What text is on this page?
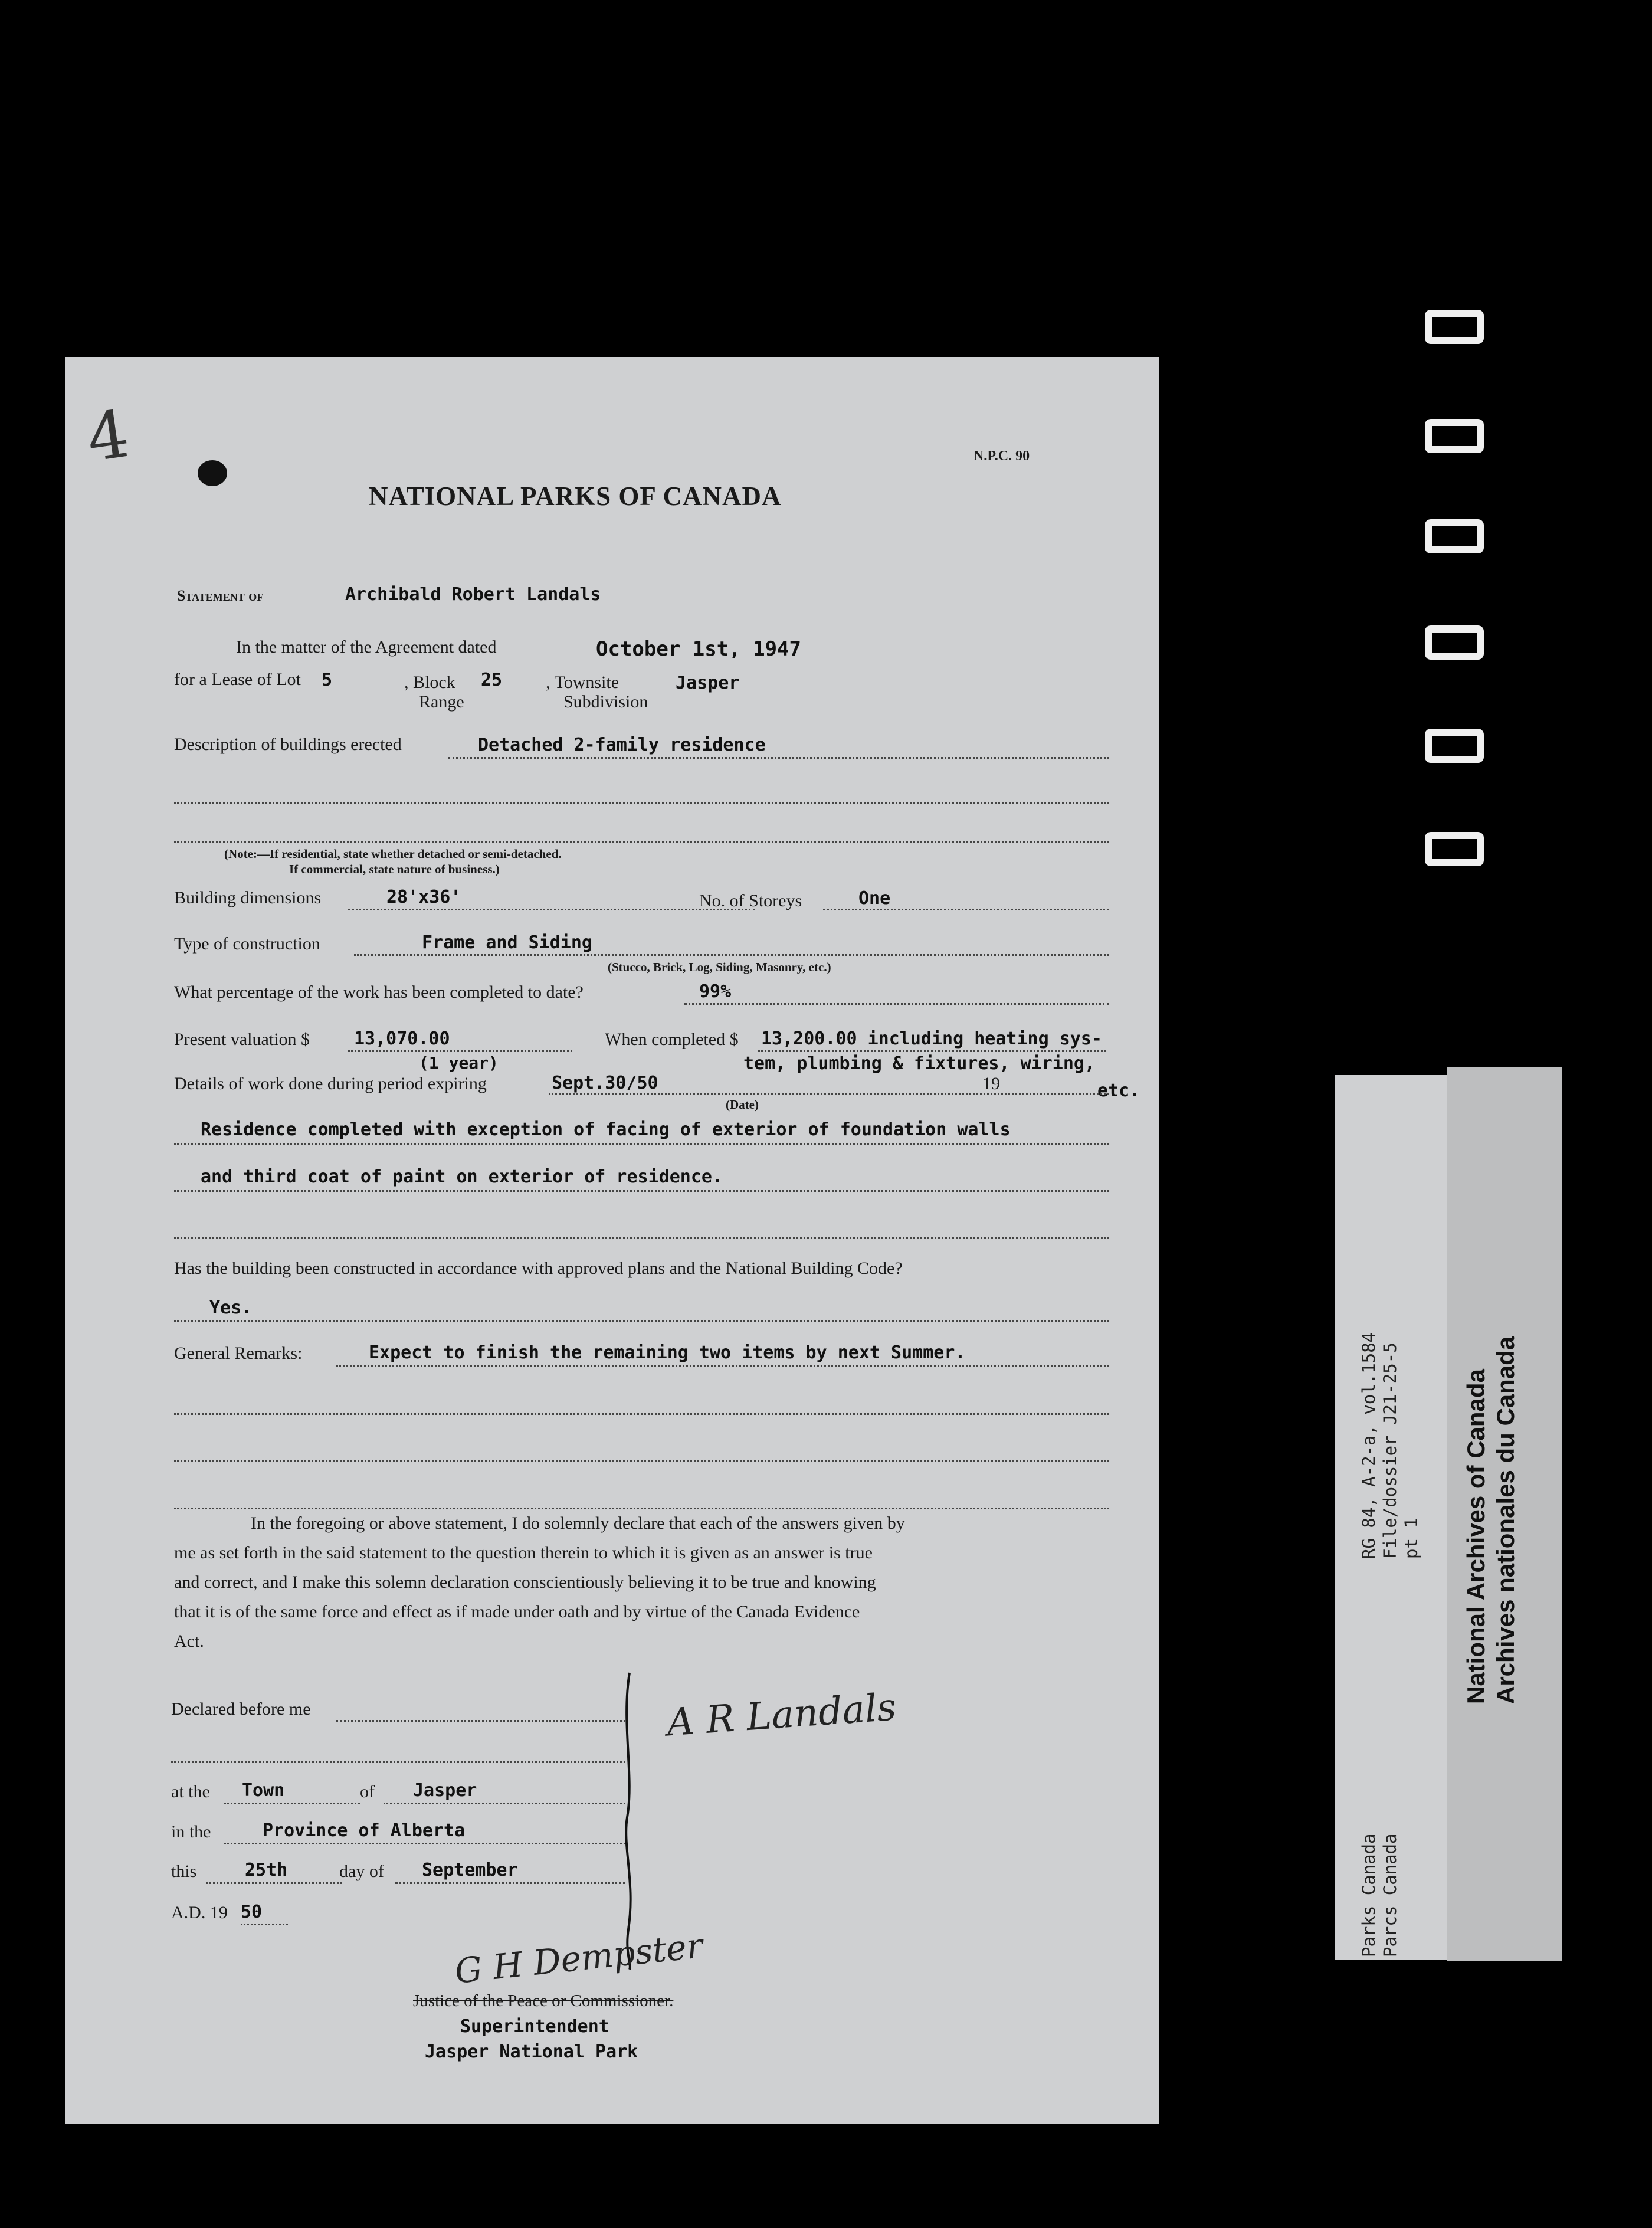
4	N.P.C. 90
NATIONAL PARKS OF CANADA
Statement of	Archibald Robert Landals
In the matter of the Agreement dated	October 1st, 1947
for a Lease of Lot 5	, Block 25
Range
, Townsite	Jasper
Subdivision
Description of buildings erected	Detached 2-family residence
(Note:—If residential, state whether detached or semi-detached.
If commercial, state nature of business.)
Building dimensions	28'x36'	No. of Storeys	One
Type of construction	Frame and Siding
(Stucco, Brick, Log, Siding, Masonry, etc.)
What percentage of the work has been completed to date?	99%
Present valuation $	13,070.00	When completed $ 13,200.00 including heating sys-
tem, plumbing & fixtures, wiring,
etc.
(1 year)
Details of work done during period expiring	Sept.30/50	19
(Date)
Residence completed with exception of facing of exterior of foundation walls
and third coat of paint on exterior of residence.
Has the building been constructed in accordance with approved plans and the National Building Code?
Yes.
General Remarks:	Expect to finish the remaining two items by next Summer.
In the foregoing or above statement, I do solemnly declare that each of the answers given by
me as set forth in the said statement to the question therein to which it is given as an answer is true
and correct, and I make this solemn declaration conscientiously believing it to be true and knowing
that it is of the same force and effect as if made under oath and by virtue of the Canada Evidence
Act.
Declared before me
at the Town	of Jasper
in the	Province of Alberta
this	25th	day of September
A.D. 19 50
A R Landals
G H Dempster
Justice of the Peace or Commissioner.
Superintendent
Jasper National Park
RG 84, A-2-a, vol.1584 File/dossier J21-25-5 pt 1
Parks Canada Parcs Canada
National Archives of Canada Archives nationales du Canada
